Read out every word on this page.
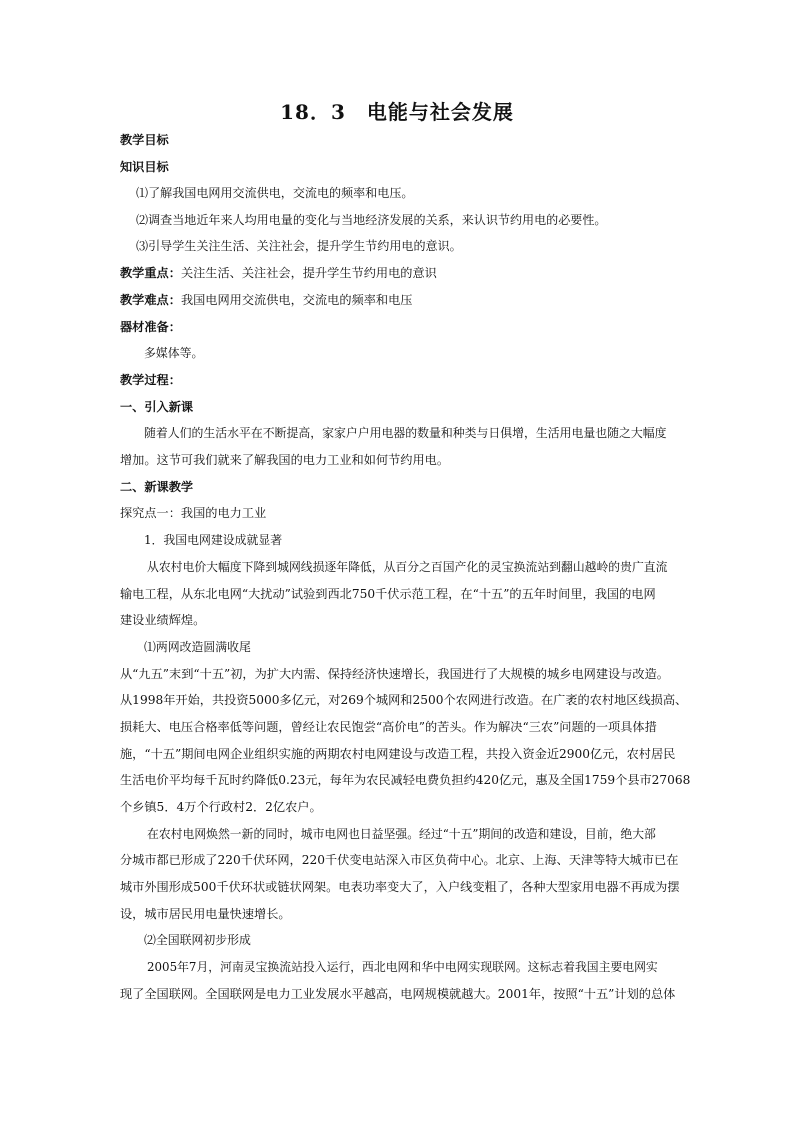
18．3　电能与社会发展
教学目标
知识目标
⑴了解我国电网用交流供电，交流电的频率和电压。
⑵调查当地近年来人均用电量的变化与当地经济发展的关系，来认识节约用电的必要性。
⑶引导学生关注生活、关注社会，提升学生节约用电的意识。
教学重点：关注生活、关注社会，提升学生节约用电的意识
教学难点：我国电网用交流供电，交流电的频率和电压
器材准备：
多媒体等。
教学过程：
一、引入新课
随着人们的生活水平在不断提高，家家户户用电器的数量和种类与日俱增，生活用电量也随之大幅度
增加。这节可我们就来了解我国的电力工业和如何节约用电。
二、新课教学
探究点一：我国的电力工业
1．我国电网建设成就显著
从农村电价大幅度下降到城网线损逐年降低，从百分之百国产化的灵宝换流站到翻山越岭的贵广直流
输电工程，从东北电网“大扰动”试验到西北750千伏示范工程，在“十五”的五年时间里，我国的电网
建设业绩辉煌。
⑴两网改造圆满收尾
从“九五”末到“十五”初，为扩大内需、保持经济快速增长，我国进行了大规模的城乡电网建设与改造。
从1998年开始，共投资5000多亿元，对269个城网和2500个农网进行改造。在广袤的农村地区线损高、
损耗大、电压合格率低等问题，曾经让农民饱尝“高价电”的苦头。作为解决“三农”问题的一项具体措
施，“十五”期间电网企业组织实施的两期农村电网建设与改造工程，共投入资金近2900亿元，农村居民
生活电价平均每千瓦时约降低0.23元，每年为农民减轻电费负担约420亿元，惠及全国1759个县市27068
个乡镇5．4万个行政村2．2亿农户。
在农村电网焕然一新的同时，城市电网也日益坚强。经过“十五”期间的改造和建设，目前，绝大部
分城市都已形成了220千伏环网，220千伏变电站深入市区负荷中心。北京、上海、天津等特大城市已在
城市外围形成500千伏环状或链状网架。电表功率变大了，入户线变粗了，各种大型家用电器不再成为摆
设，城市居民用电量快速增长。
⑵全国联网初步形成
2005年7月，河南灵宝换流站投入运行，西北电网和华中电网实现联网。这标志着我国主要电网实
现了全国联网。全国联网是电力工业发展水平越高，电网规模就越大。2001年，按照“十五”计划的总体
